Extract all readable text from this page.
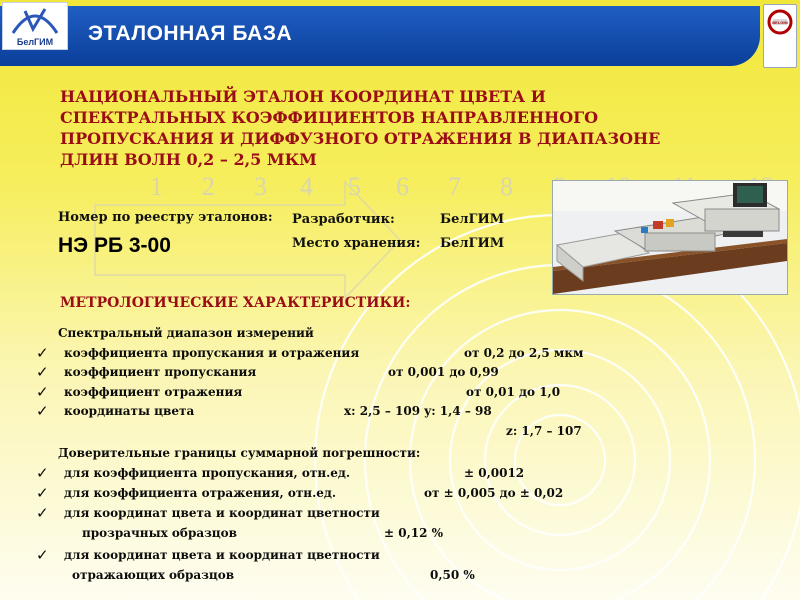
1 2 3 4 5 6 7 8
БелГИМ	ЭТАЛОННАЯ БАЗА	BELGIM
НАЦИОНАЛЬНЫЙ ЭТАЛОН КООРДИНАТ ЦВЕТА И
СПЕКТРАЛЬНЫХ КОЭФФИЦИЕНТОВ НАПРАВЛЕННОГО
ПРОПУСКАНИЯ И ДИФФУЗНОГО ОТРАЖЕНИЯ В ДИАПАЗОНЕ
ДЛИН ВОЛН 0,2 – 2,5 МКМ
Номер по реестру эталонов:
НЭ РБ 3-00
Разработчик:	БелГИМ
Место хранения: БелГИМ
МЕТРОЛОГИЧЕСКИЕ ХАРАКТЕРИСТИКИ:
Спектральный диапазон измерений
✓ коэффициента пропускания и отражения	от 0,2 до 2,5 мкм
✓ коэффициент пропускания	от 0,001 до 0,99
✓ коэффициент отражения	от 0,01 до 1,0
✓ координаты цвета	x: 2,5 – 109 y: 1,4 – 98
z: 1,7 – 107
Доверительные границы суммарной погрешности:
✓ для коэффициента пропускания, отн.ед.	± 0,0012
✓ для коэффициента отражения, отн.ед.	от ± 0,005 до ± 0,02
✓ для координат цвета и координат цветности
прозрачных образцов	± 0,12 %
✓ для координат цвета и координат цветности
отражающих образцов	0,50 %
